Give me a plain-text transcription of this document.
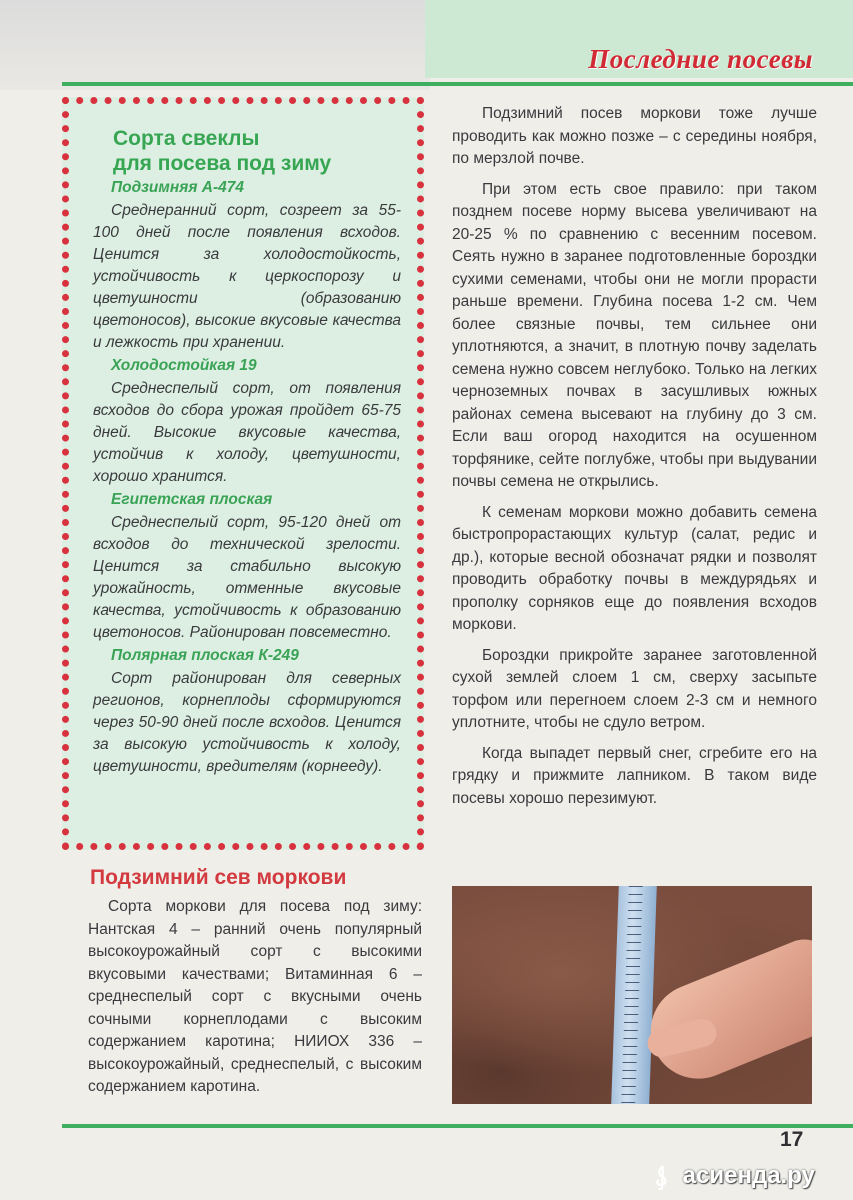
Последние посевы
Сорта свеклы
для посева под зиму
Подзимняя А-474
Среднеранний сорт, созреет за 55-100 дней после появления всходов. Ценится за холодостойкость, устойчивость к церкоспорозу и цветушности (образованию цветоносов), высокие вкусовые качества и лежкость при хранении.
Холодостойкая 19
Среднеспелый сорт, от появления всходов до сбора урожая пройдет 65-75 дней. Высокие вкусовые качества, устойчив к холоду, цветушности, хорошо хранится.
Египетская плоская
Среднеспелый сорт, 95-120 дней от всходов до технической зрелости. Ценится за стабильно высокую урожайность, отменные вкусовые качества, устойчивость к образованию цветоносов. Районирован повсеместно.
Полярная плоская К-249
Сорт районирован для северных регионов, корнеплоды сформируются через 50-90 дней после всходов. Ценится за высокую устойчивость к холоду, цветушности, вредителям (корнееду).

Подзимний посев моркови тоже лучше проводить как можно позже – с середины ноября, по мерзлой почве.

При этом есть свое правило: при таком позднем посеве норму высева увеличивают на 20-25 % по сравнению с весенним посевом. Сеять нужно в заранее подготовленные бороздки сухими семенами, чтобы они не могли прорасти раньше времени. Глубина посева 1-2 см. Чем более связные почвы, тем сильнее они уплотняются, а значит, в плотную почву заделать семена нужно совсем неглубоко. Только на легких черноземных почвах в засушливых южных районах семена высевают на глубину до 3 см. Если ваш огород находится на осушенном торфянике, сейте поглубже, чтобы при выдувании почвы семена не открылись.

К семенам моркови можно добавить семена быстропрорастающих культур (салат, редис и др.), которые весной обозначат рядки и позволят проводить обработку почвы в междурядьях и прополку сорняков еще до появления всходов моркови.

Бороздки прикройте заранее заготовленной сухой землей слоем 1 см, сверху засыпьте торфом или перегноем слоем 2-3 см и немного уплотните, чтобы не сдуло ветром.

Когда выпадет первый снег, сгребите его на грядку и прижмите лапником. В таком виде посевы хорошо перезимуют.

Подзимний сев моркови

Сорта моркови для посева под зиму: Нантская 4 – ранний очень популярный высокоурожайный сорт с высокими вкусовыми качествами; Витаминная 6 – среднеспелый сорт с вкусными очень сочными корнеплодами с высоким содержанием каротина; НИИОХ 336 – высокоурожайный, среднеспелый, с высоким содержанием каротина.

17
асиенда.ру
